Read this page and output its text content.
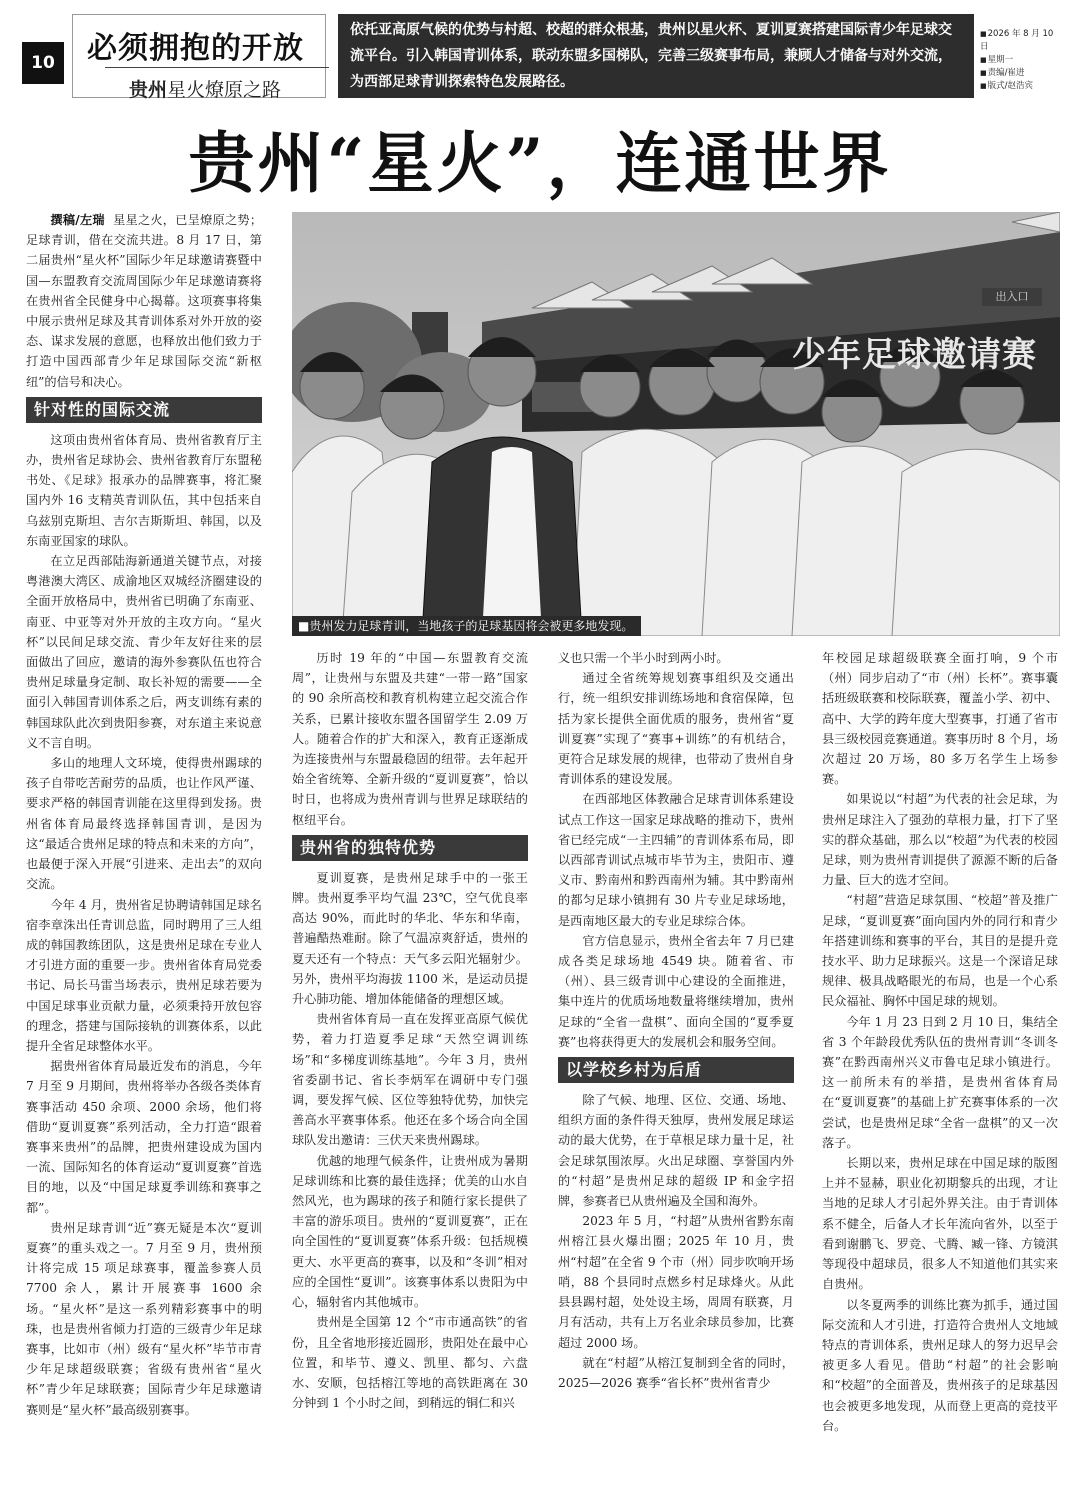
10	必须拥抱的开放
贵州星火燎原之路
依托亚高原气候的优势与村超、校超的群众根基，贵州以星火杯、夏训夏赛搭建国际青少年足球交流平台。引入韩国青训体系，联动东盟多国梯队，完善三级赛事布局，兼顾人才储备与对外交流，为西部足球青训探索特色发展路径。
■ 2026 年 8 月 10 日
■ 星期一
■ 责编/崔进
■ 版式/赵浩宾
贵州“星火”，连通世界
出入口
少年足球邀请赛
■贵州发力足球青训，当地孩子的足球基因将会被更多地发现。

撰稿/左瑞 星星之火，已呈燎原之势；足球青训，借在交流共进。8 月 17 日，第二届贵州“星火杯”国际少年足球邀请赛暨中国—东盟教育交流周国际少年足球邀请赛将在贵州省全民健身中心揭幕。这项赛事将集中展示贵州足球及其青训体系对外开放的姿态、谋求发展的意愿，也释放出他们致力于打造中国西部青少年足球国际交流“新枢纽”的信号和决心。

针对性的国际交流

这项由贵州省体育局、贵州省教育厅主办，贵州省足球协会、贵州省教育厅东盟秘书处、《足球》报承办的品牌赛事，将汇聚国内外 16 支精英青训队伍，其中包括来自乌兹别克斯坦、吉尔吉斯斯坦、韩国，以及东南亚国家的球队。

在立足西部陆海新通道关键节点，对接粤港澳大湾区、成渝地区双城经济圈建设的全面开放格局中，贵州省已明确了东南亚、南亚、中亚等对外开放的主攻方向。“星火杯”以民间足球交流、青少年友好往来的层面做出了回应，邀请的海外参赛队伍也符合贵州足球量身定制、取长补短的需要——全面引入韩国青训体系之后，两支训练有素的韩国球队此次到贵阳参赛，对东道主来说意义不言自明。

多山的地理人文环境，使得贵州踢球的孩子自带吃苦耐劳的品质，也让作风严谨、要求严格的韩国青训能在这里得到发扬。贵州省体育局最终选择韩国青训，是因为这“最适合贵州足球的特点和未来的方向”，也最便于深入开展“引进来、走出去”的双向交流。

今年 4 月，贵州省足协聘请韩国足球名宿李章洙出任青训总监，同时聘用了三人组成的韩国教练团队，这是贵州足球在专业人才引进方面的重要一步。贵州省体育局党委书记、局长马雷当场表示，贵州足球若要为中国足球事业贡献力量，必须秉持开放包容的理念，搭建与国际接轨的训赛体系，以此提升全省足球整体水平。

据贵州省体育局最近发布的消息，今年 7 月至 9 月期间，贵州将举办各级各类体育赛事活动 450 余项、2000 余场，他们将借助“夏训夏赛”系列活动，全力打造“跟着赛事来贵州”的品牌，把贵州建设成为国内一流、国际知名的体育运动“夏训夏赛”首选目的地，以及“中国足球夏季训练和赛事之都”。

贵州足球青训“近”赛无疑是本次“夏训夏赛”的重头戏之一。7 月至 9 月，贵州预计将完成 15 项足球赛事，覆盖参赛人员 7700 余人，累计开展赛事 1600 余场。“星火杯”是这一系列精彩赛事中的明珠，也是贵州省倾力打造的三级青少年足球赛事，比如市（州）级有“星火杯”毕节市青少年足球超级联赛；省级有贵州省“星火杯”青少年足球联赛；国际青少年足球邀请赛则是“星火杯”最高级别赛事。

历时 19 年的“中国—东盟教育交流周”，让贵州与东盟及共建“一带一路”国家的 90 余所高校和教育机构建立起交流合作关系，已累计接收东盟各国留学生 2.09 万人。随着合作的扩大和深入，教育正逐渐成为连接贵州与东盟最稳固的纽带。去年起开始全省统筹、全新升级的“夏训夏赛”，恰以时日，也将成为贵州青训与世界足球联结的枢纽平台。

贵州省的独特优势

夏训夏赛，是贵州足球手中的一张王牌。贵州夏季平均气温 23℃，空气优良率高达 90%，而此时的华北、华东和华南，普遍酷热难耐。除了气温凉爽舒适，贵州的夏天还有一个特点：天气多云阳光辐射少。另外，贵州平均海拔 1100 米，是运动员提升心肺功能、增加体能储备的理想区域。

贵州省体育局一直在发挥亚高原气候优势，着力打造夏季足球“天然空调训练场”和“多梯度训练基地”。今年 3 月，贵州省委副书记、省长李炳军在调研中专门强调，要发挥气候、区位等独特优势，加快完善高水平赛事体系。他还在多个场合向全国球队发出邀请：三伏天来贵州踢球。

优越的地理气候条件，让贵州成为暑期足球训练和比赛的最佳选择；优美的山水自然风光，也为踢球的孩子和随行家长提供了丰富的游乐项目。贵州的“夏训夏赛”，正在向全国性的“夏训夏赛”体系升级：包括规模更大、水平更高的赛事，以及和“冬训”相对应的全国性“夏训”。该赛事体系以贵阳为中心，辐射省内其他城市。

贵州是全国第 12 个“市市通高铁”的省份，且全省地形接近圆形，贵阳处在最中心位置，和毕节、遵义、凯里、都匀、六盘水、安顺，包括榕江等地的高铁距离在 30 分钟到 1 个小时之间，到稍远的铜仁和兴

义也只需一个半小时到两小时。

通过全省统筹规划赛事组织及交通出行，统一组织安排训练场地和食宿保障，包括为家长提供全面优质的服务，贵州省“夏训夏赛”实现了“赛事+训练”的有机结合，更符合足球发展的规律，也带动了贵州自身青训体系的建设发展。

在西部地区体教融合足球青训体系建设试点工作这一国家足球战略的推动下，贵州省已经完成“一主四辅”的青训体系布局，即以西部青训试点城市毕节为主，贵阳市、遵义市、黔南州和黔西南州为辅。其中黔南州的都匀足球小镇拥有 30 片专业足球场地，是西南地区最大的专业足球综合体。

官方信息显示，贵州全省去年 7 月已建成各类足球场地 4549 块。随着省、市（州）、县三级青训中心建设的全面推进，集中连片的优质场地数量将继续增加，贵州足球的“全省一盘棋”、面向全国的“夏季夏赛”也将获得更大的发展机会和服务空间。

以学校乡村为后盾

除了气候、地理、区位、交通、场地、组织方面的条件得天独厚，贵州发展足球运动的最大优势，在于草根足球力量十足，社会足球氛围浓厚。火出足球圈、享誉国内外的“村超”是贵州足球的超级 IP 和金字招牌，参赛者已从贵州遍及全国和海外。

2023 年 5 月，“村超”从贵州省黔东南州榕江县火爆出圈；2025 年 10 月，贵州“村超”在全省 9 个市（州）同步吹响开场哨，88 个县同时点燃乡村足球烽火。从此县县踢村超，处处设主场，周周有联赛，月月有活动，共有上万名业余球员参加，比赛超过 2000 场。

就在“村超”从榕江复制到全省的同时，2025—2026 赛季“省长杯”贵州省青少

年校园足球超级联赛全面打响，9 个市（州）同步启动了“市（州）长杯”。赛事囊括班级联赛和校际联赛，覆盖小学、初中、高中、大学的跨年度大型赛事，打通了省市县三级校园竞赛通道。赛事历时 8 个月，场次超过 20 万场，80 多万名学生上场参赛。

如果说以“村超”为代表的社会足球，为贵州足球注入了强劲的草根力量，打下了坚实的群众基础，那么以“校超”为代表的校园足球，则为贵州青训提供了源源不断的后备力量、巨大的选才空间。

“村超”营造足球氛围、“校超”普及推广足球，“夏训夏赛”面向国内外的同行和青少年搭建训练和赛事的平台，其目的是提升竞技水平、助力足球振兴。这是一个深谙足球规律、极具战略眼光的布局，也是一个心系民众福祉、胸怀中国足球的规划。

今年 1 月 23 日到 2 月 10 日，集结全省 3 个年龄段优秀队伍的贵州青训“冬训冬赛”在黔西南州兴义市鲁屯足球小镇进行。这一前所未有的举措，是贵州省体育局在“夏训夏赛”的基础上扩充赛事体系的一次尝试，也是贵州足球“全省一盘棋”的又一次落子。

长期以来，贵州足球在中国足球的版图上并不显赫，职业化初期黎兵的出现，才让当地的足球人才引起外界关注。由于青训体系不健全，后备人才长年流向省外，以至于看到谢鹏飞、罗竞、弋腾、臧一锋、方镜淇等现役中超球员，很多人不知道他们其实来自贵州。

以冬夏两季的训练比赛为抓手，通过国际交流和人才引进，打造符合贵州人文地域特点的青训体系，贵州足球人的努力迟早会被更多人看见。借助“村超”的社会影响和“校超”的全面普及，贵州孩子的足球基因也会被更多地发现，从而登上更高的竞技平台。
